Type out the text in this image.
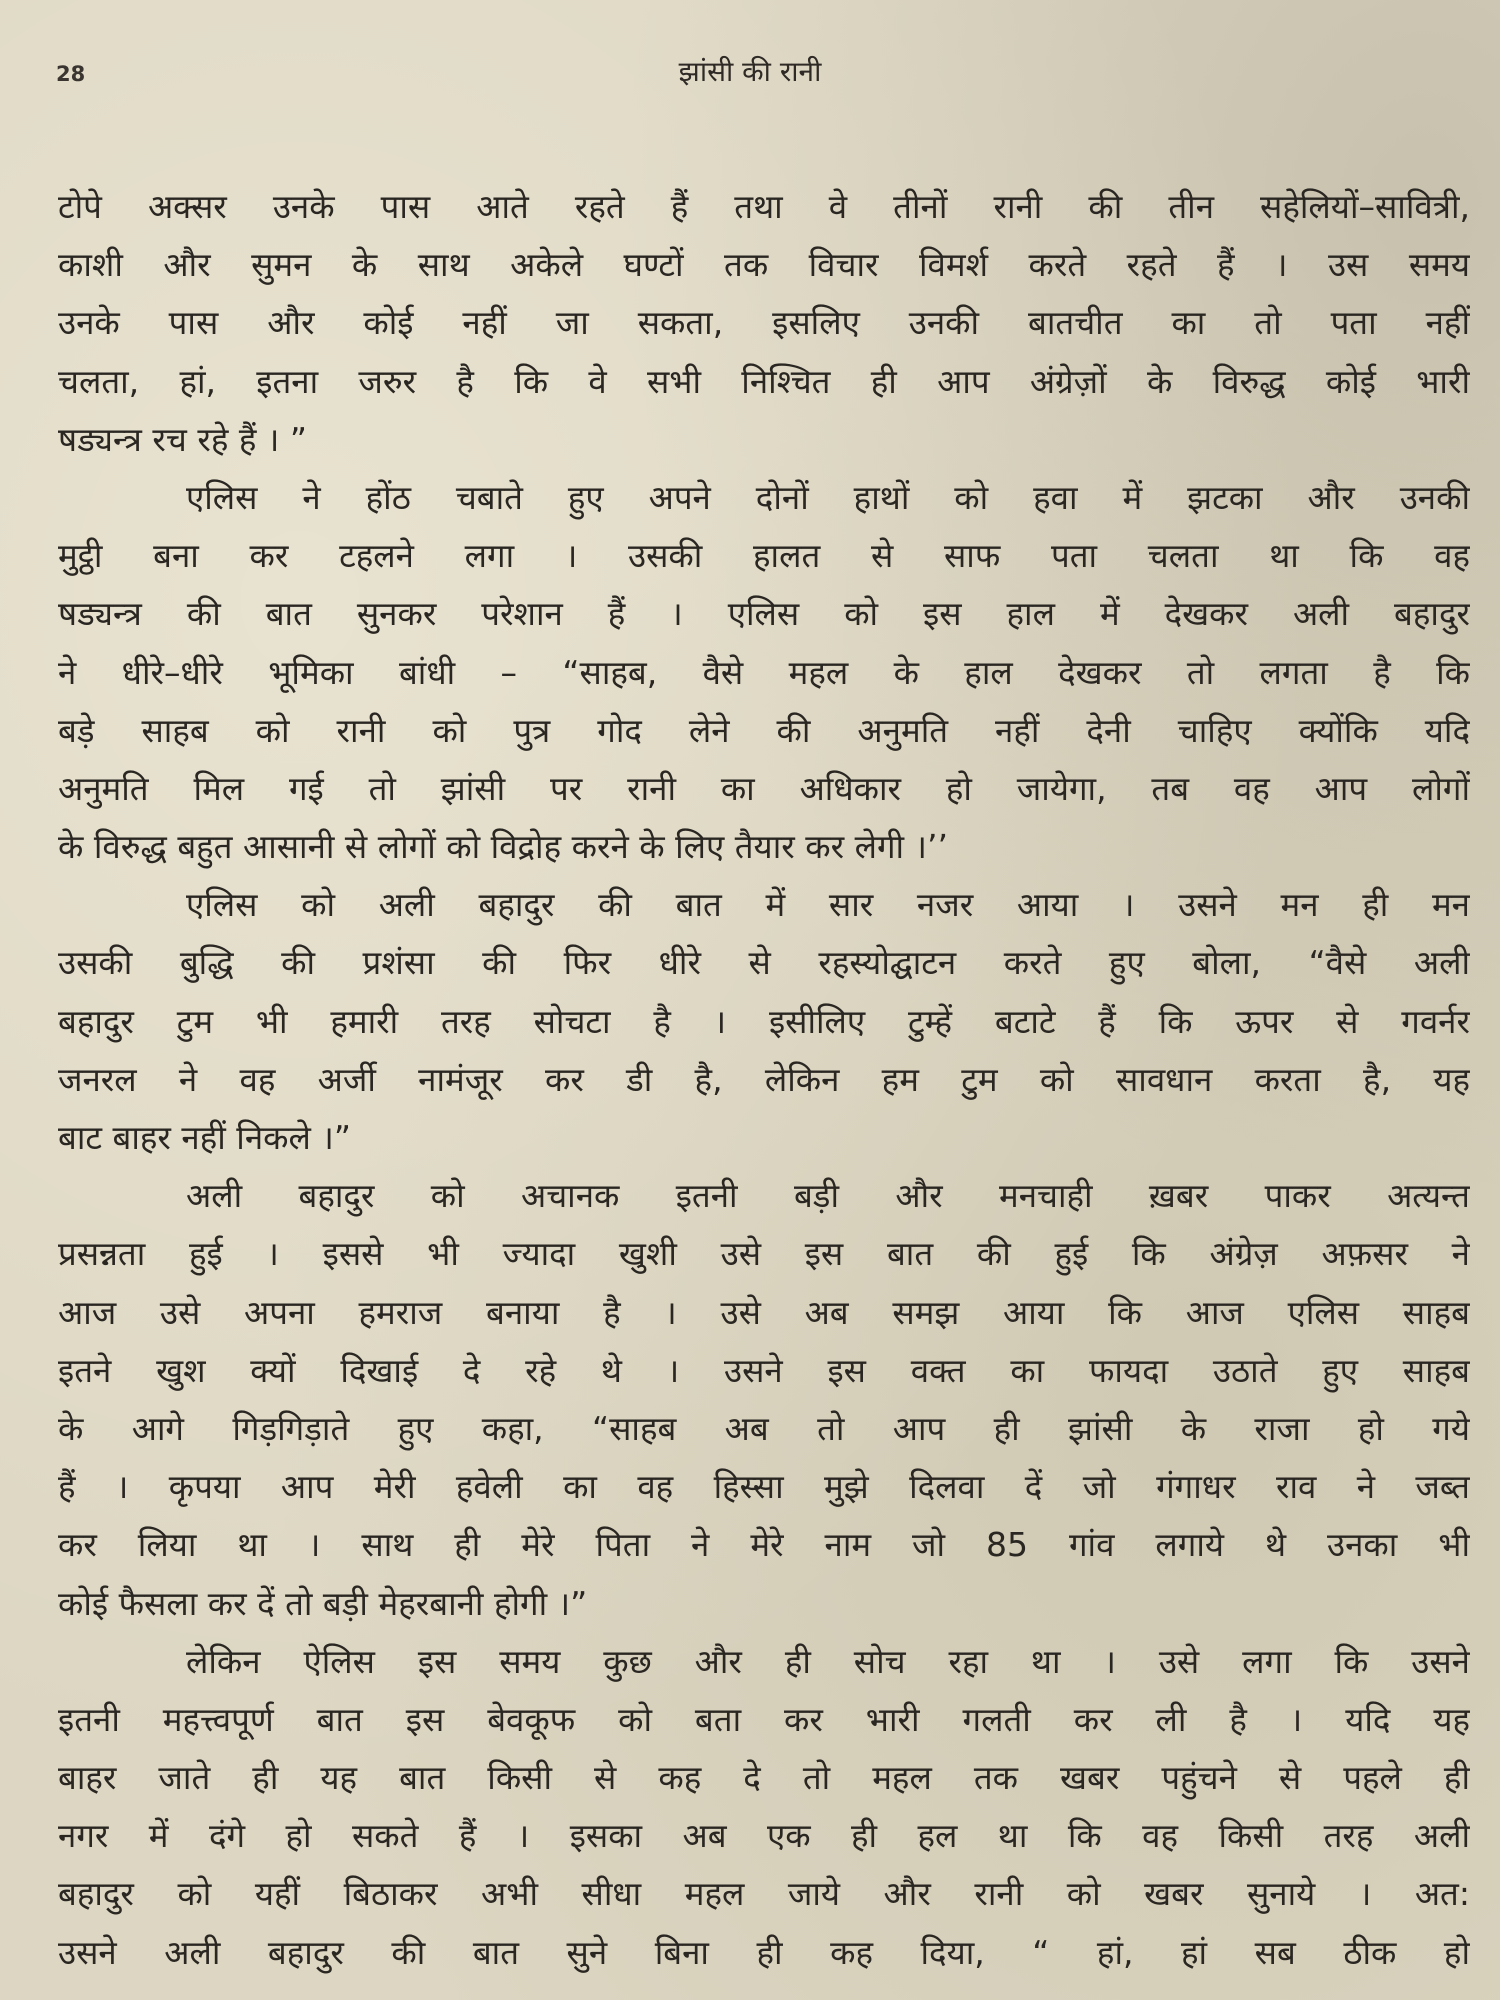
28	झांसी की रानी
टोपे अक्सर उनके पास आते रहते हैं तथा वे तीनों रानी की तीन सहेलियों–सावित्री,
काशी और सुमन के साथ अकेले घण्टों तक विचार विमर्श करते रहते हैं । उस समय
उनके पास और कोई नहीं जा सकता, इसलिए उनकी बातचीत का तो पता नहीं
चलता, हां, इतना जरुर है कि वे सभी निश्चित ही आप अंग्रेज़ों के विरुद्ध कोई भारी
षड्यन्त्र रच रहे हैं । ”
एलिस ने होंठ चबाते हुए अपने दोनों हाथों को हवा में झटका और उनकी
मुट्ठी बना कर टहलने लगा । उसकी हालत से साफ पता चलता था कि वह
षड्यन्त्र की बात सुनकर परेशान हैं । एलिस को इस हाल में देखकर अली बहादुर
ने धीरे–धीरे भूमिका बांधी – “साहब, वैसे महल के हाल देखकर तो लगता है कि
बड़े साहब को रानी को पुत्र गोद लेने की अनुमति नहीं देनी चाहिए क्योंकि यदि
अनुमति मिल गई तो झांसी पर रानी का अधिकार हो जायेगा, तब वह आप लोगों
के विरुद्ध बहुत आसानी से लोगों को विद्रोह करने के लिए तैयार कर लेगी ।’’
एलिस को अली बहादुर की बात में सार नजर आया । उसने मन ही मन
उसकी बुद्धि की प्रशंसा की फिर धीरे से रहस्योद्घाटन करते हुए बोला, “वैसे अली
बहादुर टुम भी हमारी तरह सोचटा है । इसीलिए टुम्हें बटाटे हैं कि ऊपर से गवर्नर
जनरल ने वह अर्जी नामंजूर कर डी है, लेकिन हम टुम को सावधान करता है, यह
बाट बाहर नहीं निकले ।”
अली बहादुर को अचानक इतनी बड़ी और मनचाही ख़बर पाकर अत्यन्त
प्रसन्नता हुई । इससे भी ज्यादा खुशी उसे इस बात की हुई कि अंग्रेज़ अफ़सर ने
आज उसे अपना हमराज बनाया है । उसे अब समझ आया कि आज एलिस साहब
इतने खुश क्यों दिखाई दे रहे थे । उसने इस वक्त का फायदा उठाते हुए साहब
के आगे गिड़गिड़ाते हुए कहा, “साहब अब तो आप ही झांसी के राजा हो गये
हैं । कृपया आप मेरी हवेली का वह हिस्सा मुझे दिलवा दें जो गंगाधर राव ने जब्त
कर लिया था । साथ ही मेरे पिता ने मेरे नाम जो 85 गांव लगाये थे उनका भी
कोई फैसला कर दें तो बड़ी मेहरबानी होगी ।”
लेकिन ऐलिस इस समय कुछ और ही सोच रहा था । उसे लगा कि उसने
इतनी महत्त्वपूर्ण बात इस बेवकूफ को बता कर भारी गलती कर ली है । यदि यह
बाहर जाते ही यह बात किसी से कह दे तो महल तक खबर पहुंचने से पहले ही
नगर में दंगे हो सकते हैं । इसका अब एक ही हल था कि वह किसी तरह अली
बहादुर को यहीं बिठाकर अभी सीधा महल जाये और रानी को खबर सुनाये । अत:
उसने अली बहादुर की बात सुने बिना ही कह दिया, “ हां, हां सब ठीक हो
